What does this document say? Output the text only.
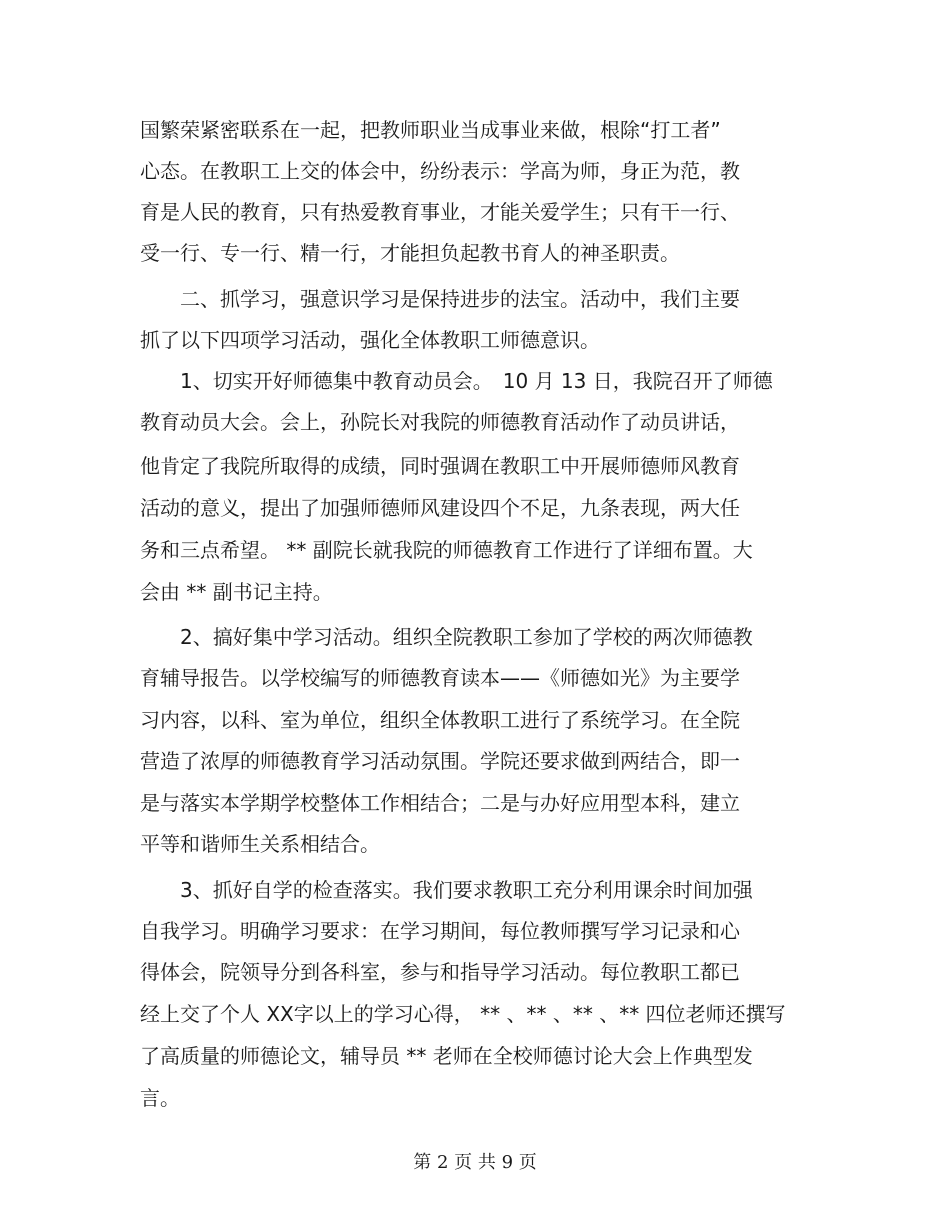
国繁荣紧密联系在一起，把教师职业当成事业来做，根除“打工者”
心态。在教职工上交的体会中，纷纷表示：学高为师，身正为范，教
育是人民的教育，只有热爱教育事业，才能关爱学生；只有干一行、
受一行、专一行、精一行，才能担负起教书育人的神圣职责。
　　二、抓学习，强意识学习是保持进步的法宝。活动中，我们主要
抓了以下四项学习活动，强化全体教职工师德意识。
　　1、切实开好师德集中教育动员会。　10 月 13 日，我院召开了师德
教育动员大会。会上，孙院长对我院的师德教育活动作了动员讲话，
他肯定了我院所取得的成绩，同时强调在教职工中开展师德师风教育
活动的意义，提出了加强师德师风建设四个不足，九条表现，两大任
务和三点希望。 ** 副院长就我院的师德教育工作进行了详细布置。大
会由 ** 副书记主持。
　　2、搞好集中学习活动。组织全院教职工参加了学校的两次师德教
育辅导报告。以学校编写的师德教育读本——《师德如光》为主要学
习内容，以科、室为单位，组织全体教职工进行了系统学习。在全院
营造了浓厚的师德教育学习活动氛围。学院还要求做到两结合，即一
是与落实本学期学校整体工作相结合；二是与办好应用型本科，建立
平等和谐师生关系相结合。
　　3、抓好自学的检查落实。我们要求教职工充分利用课余时间加强
自我学习。明确学习要求：在学习期间，每位教师撰写学习记录和心
得体会，院领导分到各科室，参与和指导学习活动。每位教职工都已
经上交了个人 XX字以上的学习心得， ** 、** 、** 、** 四位老师还撰写
了高质量的师德论文，辅导员 ** 老师在全校师德讨论大会上作典型发
言。
第 2 页 共 9 页
